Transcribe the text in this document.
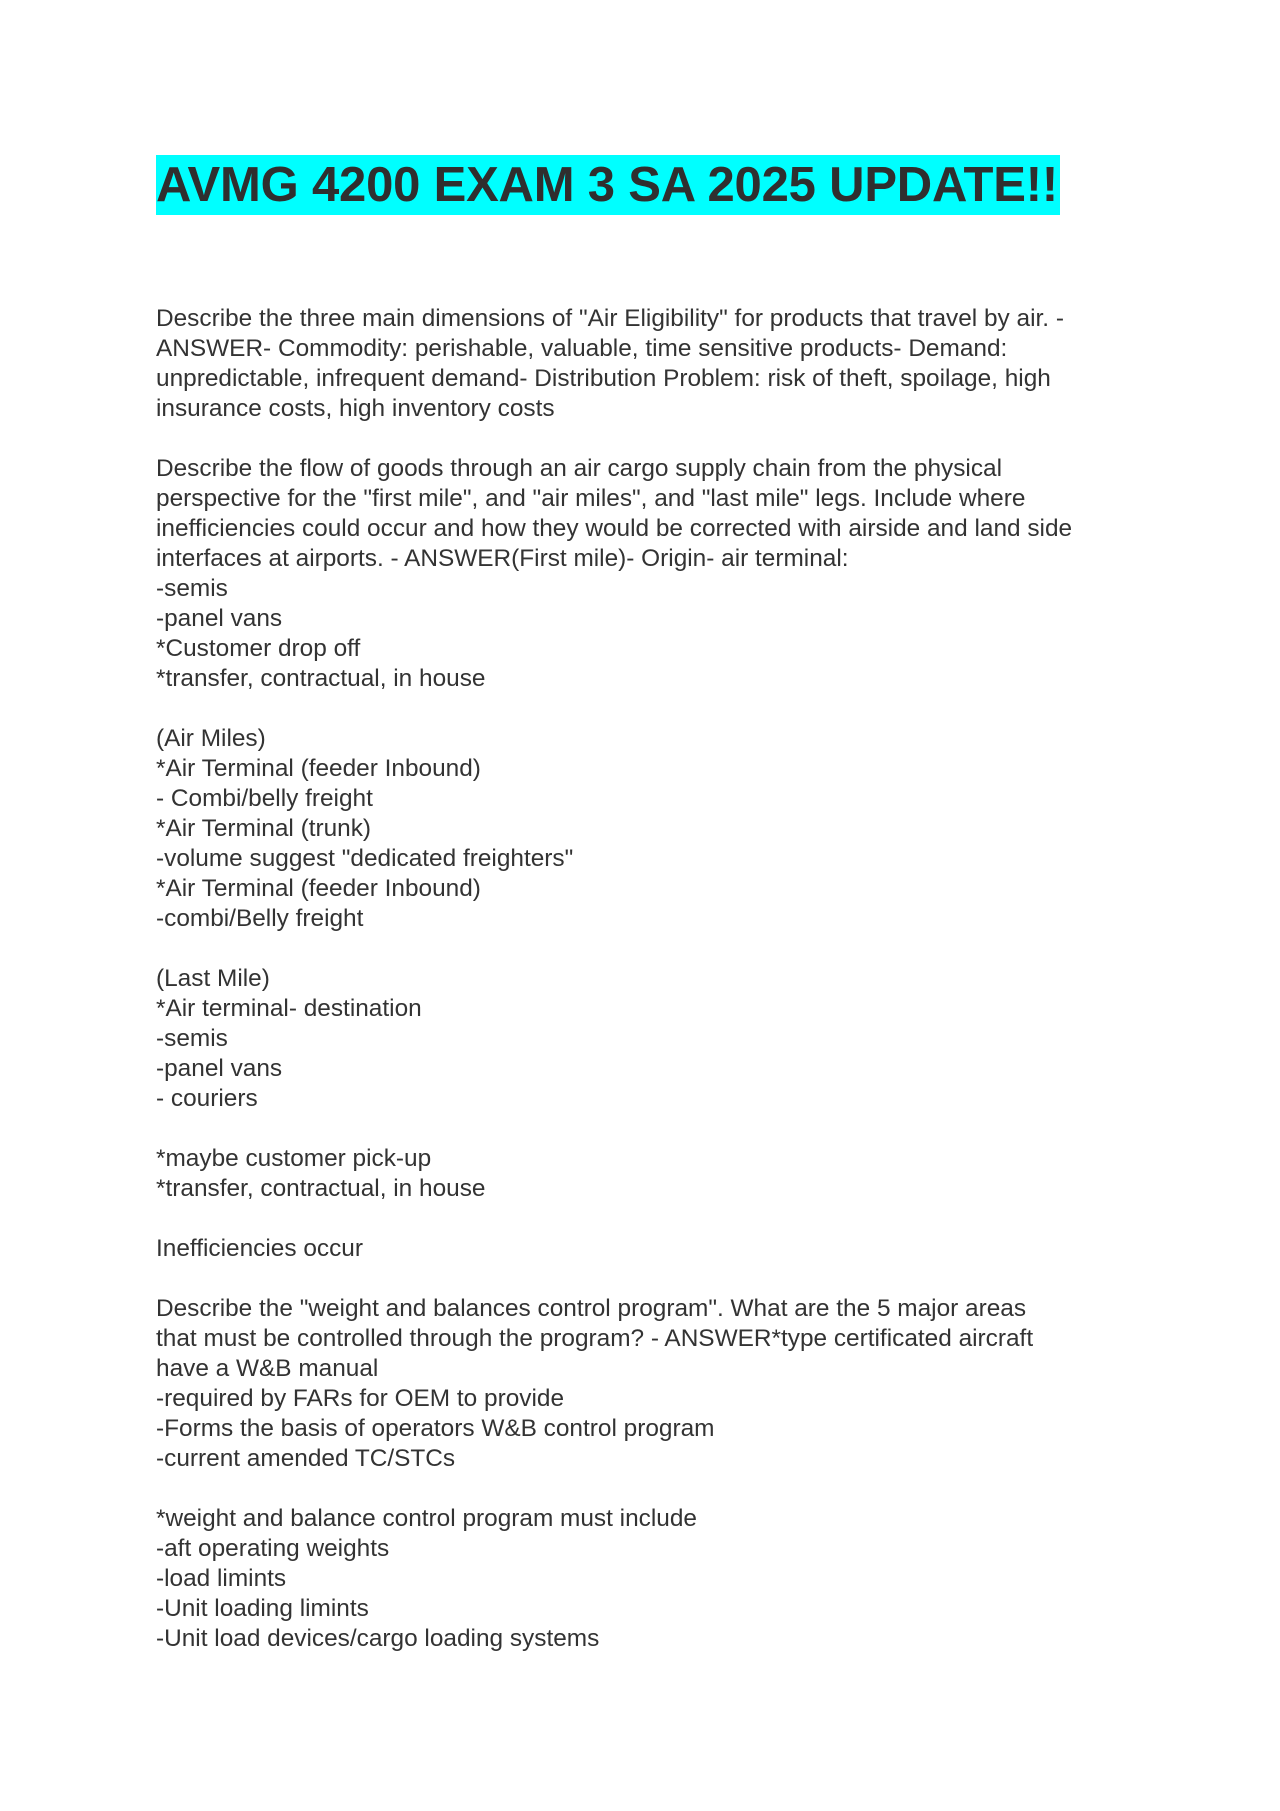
AVMG 4200 EXAM 3 SA 2025 UPDATE!!
Describe the three main dimensions of "Air Eligibility" for products that travel by air. -
ANSWER- Commodity: perishable, valuable, time sensitive products- Demand:
unpredictable, infrequent demand- Distribution Problem: risk of theft, spoilage, high
insurance costs, high inventory costs
Describe the flow of goods through an air cargo supply chain from the physical
perspective for the "first mile", and "air miles", and "last mile" legs. Include where
inefficiencies could occur and how they would be corrected with airside and land side
interfaces at airports. - ANSWER(First mile)- Origin- air terminal:
-semis
-panel vans
*Customer drop off
*transfer, contractual, in house
(Air Miles)
*Air Terminal (feeder Inbound)
- Combi/belly freight
*Air Terminal (trunk)
-volume suggest "dedicated freighters"
*Air Terminal (feeder Inbound)
-combi/Belly freight
(Last Mile)
*Air terminal- destination
-semis
-panel vans
- couriers
*maybe customer pick-up
*transfer, contractual, in house
Inefficiencies occur
Describe the "weight and balances control program". What are the 5 major areas
that must be controlled through the program? - ANSWER*type certificated aircraft
have a W&B manual
-required by FARs for OEM to provide
-Forms the basis of operators W&B control program
-current amended TC/STCs
*weight and balance control program must include
-aft operating weights
-load limints
-Unit loading limints
-Unit load devices/cargo loading systems
